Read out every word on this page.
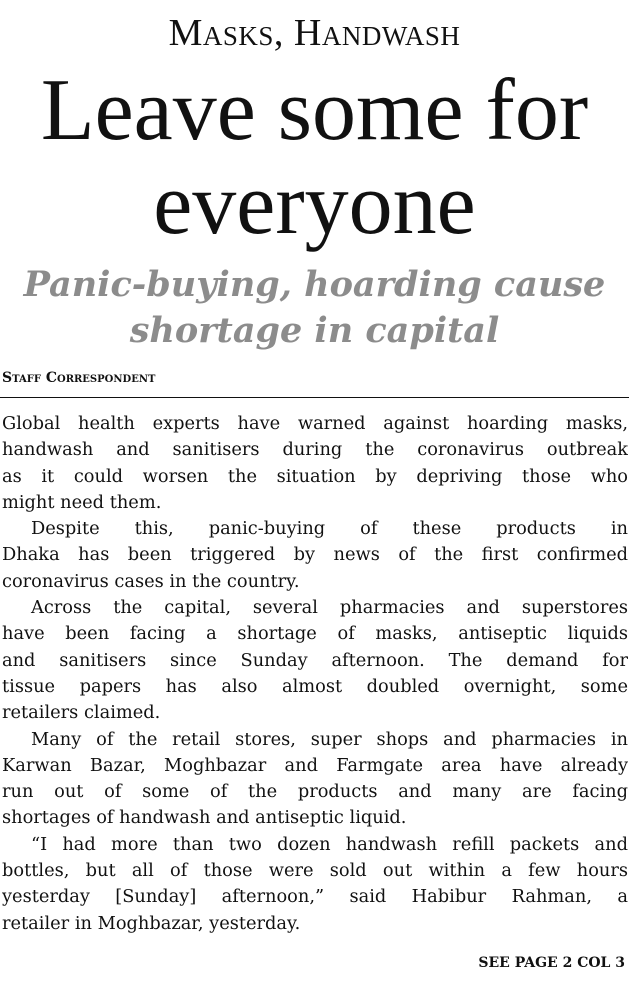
Masks, Handwash
Leave some for
everyone
Panic-buying, hoarding cause
shortage in capital
Staff Correspondent
Global health experts have warned against hoarding masks,
handwash and sanitisers during the coronavirus outbreak
as it could worsen the situation by depriving those who
might need them.
Despite this, panic-buying of these products in
Dhaka has been triggered by news of the first confirmed
coronavirus cases in the country.
Across the capital, several pharmacies and superstores
have been facing a shortage of masks, antiseptic liquids
and sanitisers since Sunday afternoon. The demand for
tissue papers has also almost doubled overnight, some
retailers claimed.
Many of the retail stores, super shops and pharmacies in
Karwan Bazar, Moghbazar and Farmgate area have already
run out of some of the products and many are facing
shortages of handwash and antiseptic liquid.
“I had more than two dozen handwash refill packets and
bottles, but all of those were sold out within a few hours
yesterday [Sunday] afternoon,” said Habibur Rahman, a
retailer in Moghbazar, yesterday.
SEE PAGE 2 COL 3
